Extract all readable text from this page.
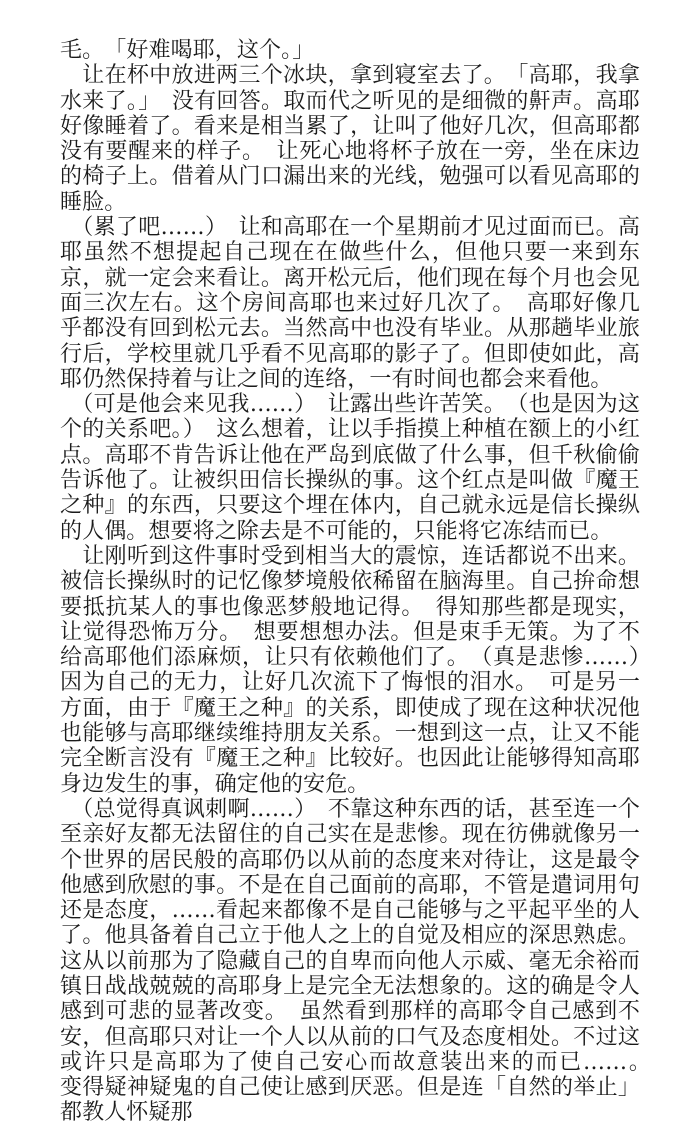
毛。　「好难喝耶，这个。」

　让在杯中放进两三个冰块，拿到寝室去了。　「高耶，我拿水来了。」　没有回答。取而代之听见的是细微的鼾声。高耶好像睡着了。看来是相当累了，让叫了他好几次，但高耶都没有要醒来的样子。　让死心地将杯子放在一旁，坐在床边的椅子上。借着从门口漏出来的光线，勉强可以看见高耶的睡脸。

　（累了吧……）　让和高耶在一个星期前才见过面而已。高耶虽然不想提起自己现在在做些什么，但他只要一来到东京，就一定会来看让。离开松元后，他们现在每个月也会见面三次左右。这个房间高耶也来过好几次了。　高耶好像几乎都没有回到松元去。当然高中也没有毕业。从那趟毕业旅行后，学校里就几乎看不见高耶的影子了。但即使如此，高耶仍然保持着与让之间的连络，一有时间也都会来看他。

　（可是他会来见我……）　让露出些许苦笑。　（也是因为这个的关系吧。）　这么想着，让以手指摸上种植在额上的小红点。高耶不肯告诉让他在严岛到底做了什么事，但千秋偷偷告诉他了。让被织田信长操纵的事。这个红点是叫做『魔王之种』的东西，只要这个埋在体内，自己就永远是信长操纵的人偶。想要将之除去是不可能的，只能将它冻结而已。

　让刚听到这件事时受到相当大的震惊，连话都说不出来。被信长操纵时的记忆像梦境般依稀留在脑海里。自己拚命想要抵抗某人的事也像恶梦般地记得。　得知那些都是现实，让觉得恐怖万分。　想要想想办法。但是束手无策。为了不给高耶他们添麻烦，让只有依赖他们了。　（真是悲惨……）　因为自己的无力，让好几次流下了悔恨的泪水。　可是另一方面，由于『魔王之种』的关系，即使成了现在这种状况他也能够与高耶继续维持朋友关系。一想到这一点，让又不能完全断言没有『魔王之种』比较好。也因此让能够得知高耶身边发生的事，确定他的安危。

　（总觉得真讽刺啊……）　不靠这种东西的话，甚至连一个至亲好友都无法留住的自己实在是悲惨。现在彷佛就像另一个世界的居民般的高耶仍以从前的态度来对待让，这是最令他感到欣慰的事。不是在自己面前的高耶，不管是遣词用句还是态度，……看起来都像不是自己能够与之平起平坐的人了。他具备着自己立于他人之上的自觉及相应的深思熟虑。这从以前那为了隐藏自己的自卑而向他人示威、毫无余裕而镇日战战兢兢的高耶身上是完全无法想象的。这的确是令人感到可悲的显著改变。　虽然看到那样的高耶令自己感到不安，但高耶只对让一个人以从前的口气及态度相处。不过这或许只是高耶为了使自己安心而故意装出来的而已……。　变得疑神疑鬼的自己使让感到厌恶。但是连「自然的举止」都教人怀疑那
